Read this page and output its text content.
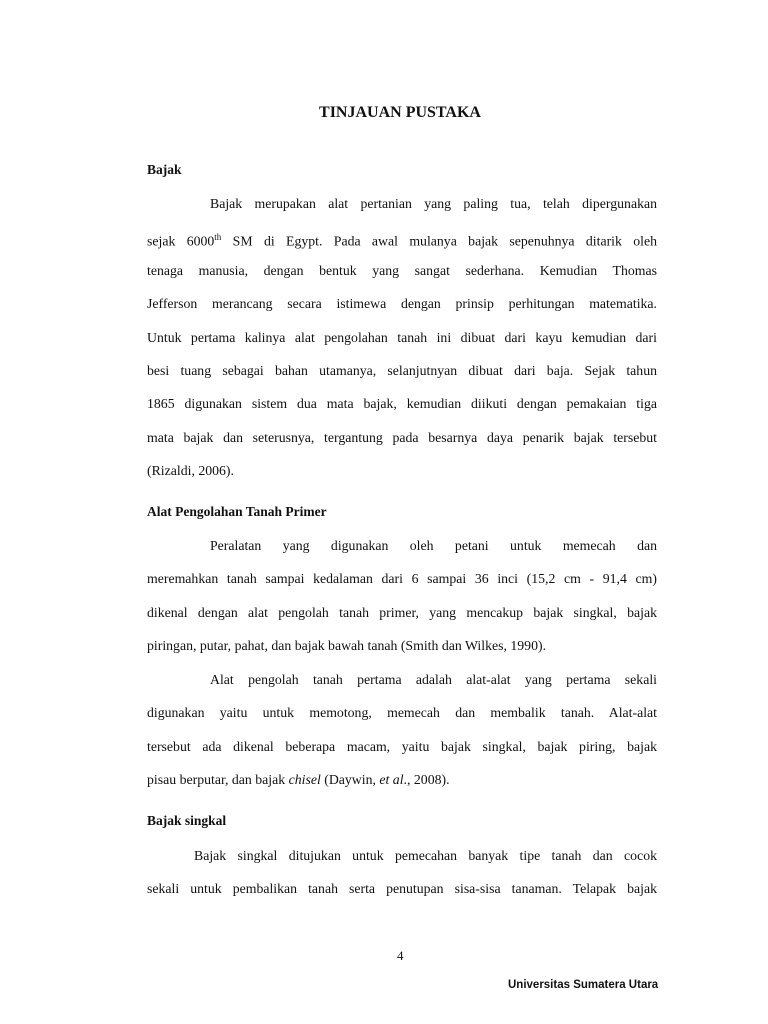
TINJAUAN PUSTAKA
Bajak
Bajak merupakan alat pertanian yang paling tua, telah dipergunakan
sejak 6000th SM di Egypt. Pada awal mulanya bajak sepenuhnya ditarik oleh
tenaga manusia, dengan bentuk yang sangat sederhana. Kemudian Thomas
Jefferson merancang secara istimewa dengan prinsip perhitungan matematika.
Untuk pertama kalinya alat pengolahan tanah ini dibuat dari kayu kemudian dari
besi tuang sebagai bahan utamanya, selanjutnyan dibuat dari baja. Sejak tahun
1865 digunakan sistem dua mata bajak, kemudian diikuti dengan pemakaian tiga
mata bajak dan seterusnya, tergantung pada besarnya daya penarik bajak tersebut
(Rizaldi, 2006).
Alat Pengolahan Tanah Primer
Peralatan yang digunakan oleh petani untuk memecah dan
meremahkan tanah sampai kedalaman dari 6 sampai 36 inci (15,2 cm - 91,4 cm)
dikenal dengan alat pengolah tanah primer, yang mencakup bajak singkal, bajak
piringan, putar, pahat, dan bajak bawah tanah (Smith dan Wilkes, 1990).
Alat pengolah tanah pertama adalah alat-alat yang pertama sekali
digunakan yaitu untuk memotong, memecah dan membalik tanah. Alat-alat
tersebut ada dikenal beberapa macam, yaitu bajak singkal, bajak piring, bajak
pisau berputar, dan bajak chisel (Daywin, et al., 2008).
Bajak singkal
Bajak singkal ditujukan untuk pemecahan banyak tipe tanah dan cocok
sekali untuk pembalikan tanah serta penutupan sisa-sisa tanaman. Telapak bajak
4
Universitas Sumatera Utara
